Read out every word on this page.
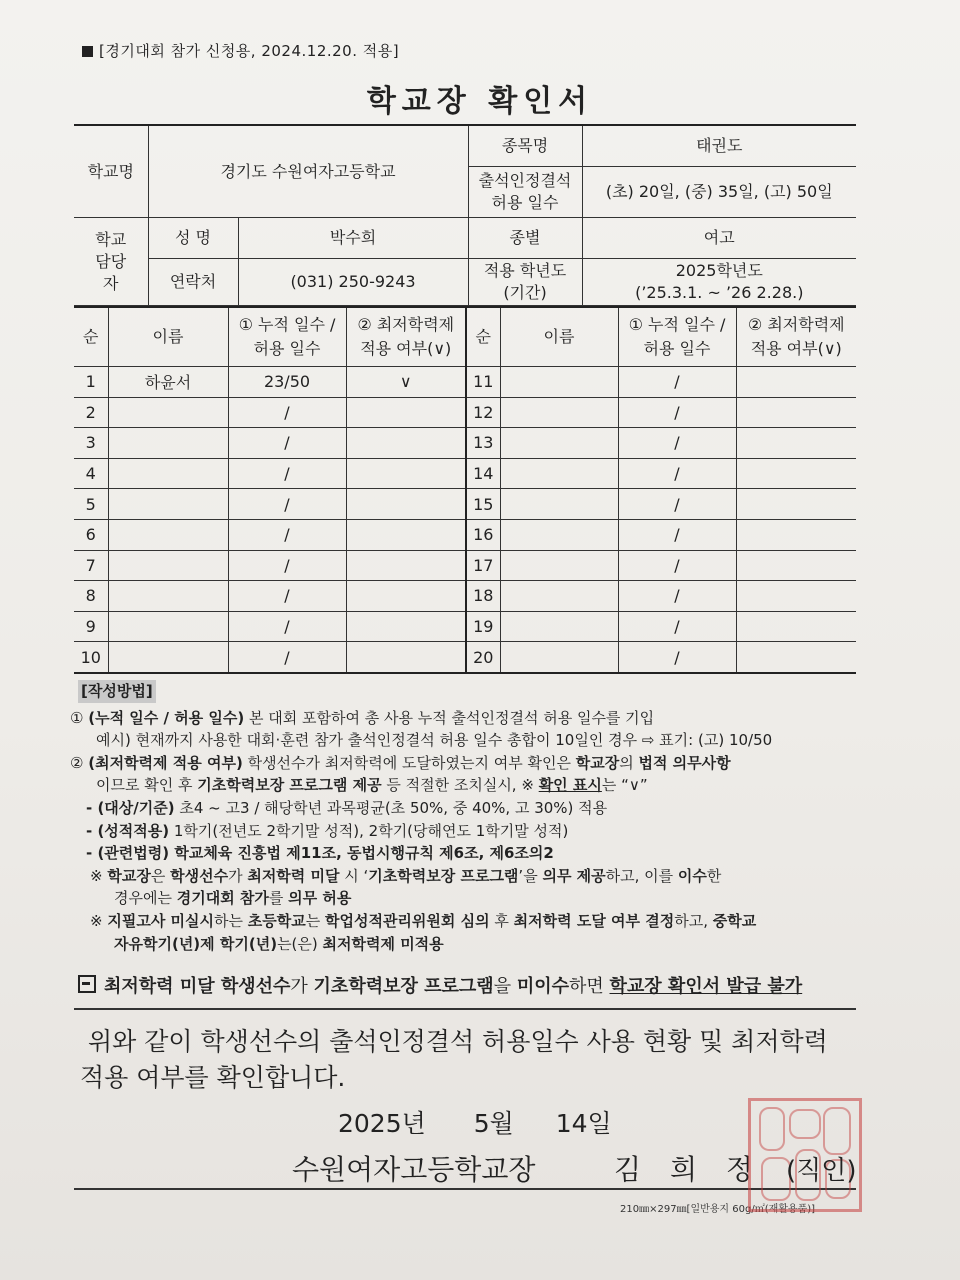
[경기대회 참가 신청용, 2024.12.20. 적용]
학교장 확인서
학교명	경기도 수원여자고등학교		종목명	태권도
			출석인정결석 허용 일수	(초) 20일, (중) 35일, (고) 50일
학교 담당자	성 명	박수희	종별	여고
	연락처	(031) 250-9243	적용 학년도 (기간)	2025학년도
(’25.3.1. ~ ’26 2.28.)
순	이름	① 누적 일수 / 허용 일수	② 최저학력제 적용 여부(∨)	순	이름	① 누적 일수 / 허용 일수	② 최저학력제 적용 여부(∨)
1	하윤서	23/50	∨	11		/	
2		/		12		/	
3		/		13		/	
4		/		14		/	
5		/		15		/	
6		/		16		/	
7		/		17		/	
8		/		18		/	
9		/		19		/	
10		/		20		/	
[작성방법]
① (누적 일수 / 허용 일수) 본 대회 포함하여 총 사용 누적 출석인정결석 허용 일수를 기입
예시) 현재까지 사용한 대회·훈련 참가 출석인정결석 허용 일수 총합이 10일인 경우 ⇨ 표기: (고) 10/50
② (최저학력제 적용 여부) 학생선수가 최저학력에 도달하였는지 여부 확인은 학교장의 법적 의무사항
이므로 확인 후 기초학력보장 프로그램 제공 등 적절한 조치실시, ※ 확인 표시는 “∨”
- (대상/기준) 초4 ~ 고3 / 해당학년 과목평균(초 50%, 중 40%, 고 30%) 적용
- (성적적용) 1학기(전년도 2학기말 성적), 2학기(당해연도 1학기말 성적)
- (관련법령) 학교체육 진흥법 제11조, 동법시행규칙 제6조, 제6조의2
※ 학교장은 학생선수가 최저학력 미달 시 ‘기초학력보장 프로그램’을 의무 제공하고, 이를 이수한
경우에는 경기대회 참가를 의무 허용
※ 지필고사 미실시하는 초등학교는 학업성적관리위원회 심의 후 최저학력 도달 여부 결정하고, 중학교
자유학기(년)제 학기(년)는(은) 최저학력제 미적용
최저학력 미달 학생선수가 기초학력보장 프로그램을 미이수하면 학교장 확인서 발급 불가
위와 같이 학생선수의 출석인정결석 허용일수 사용 현황 및 최저학력
적용 여부를 확인합니다.
2025년 5월 14일
수원여자고등학교장	김 희 정 (직인)
210㎜×297㎜[일반용지 60g/㎡(재활용품)]
